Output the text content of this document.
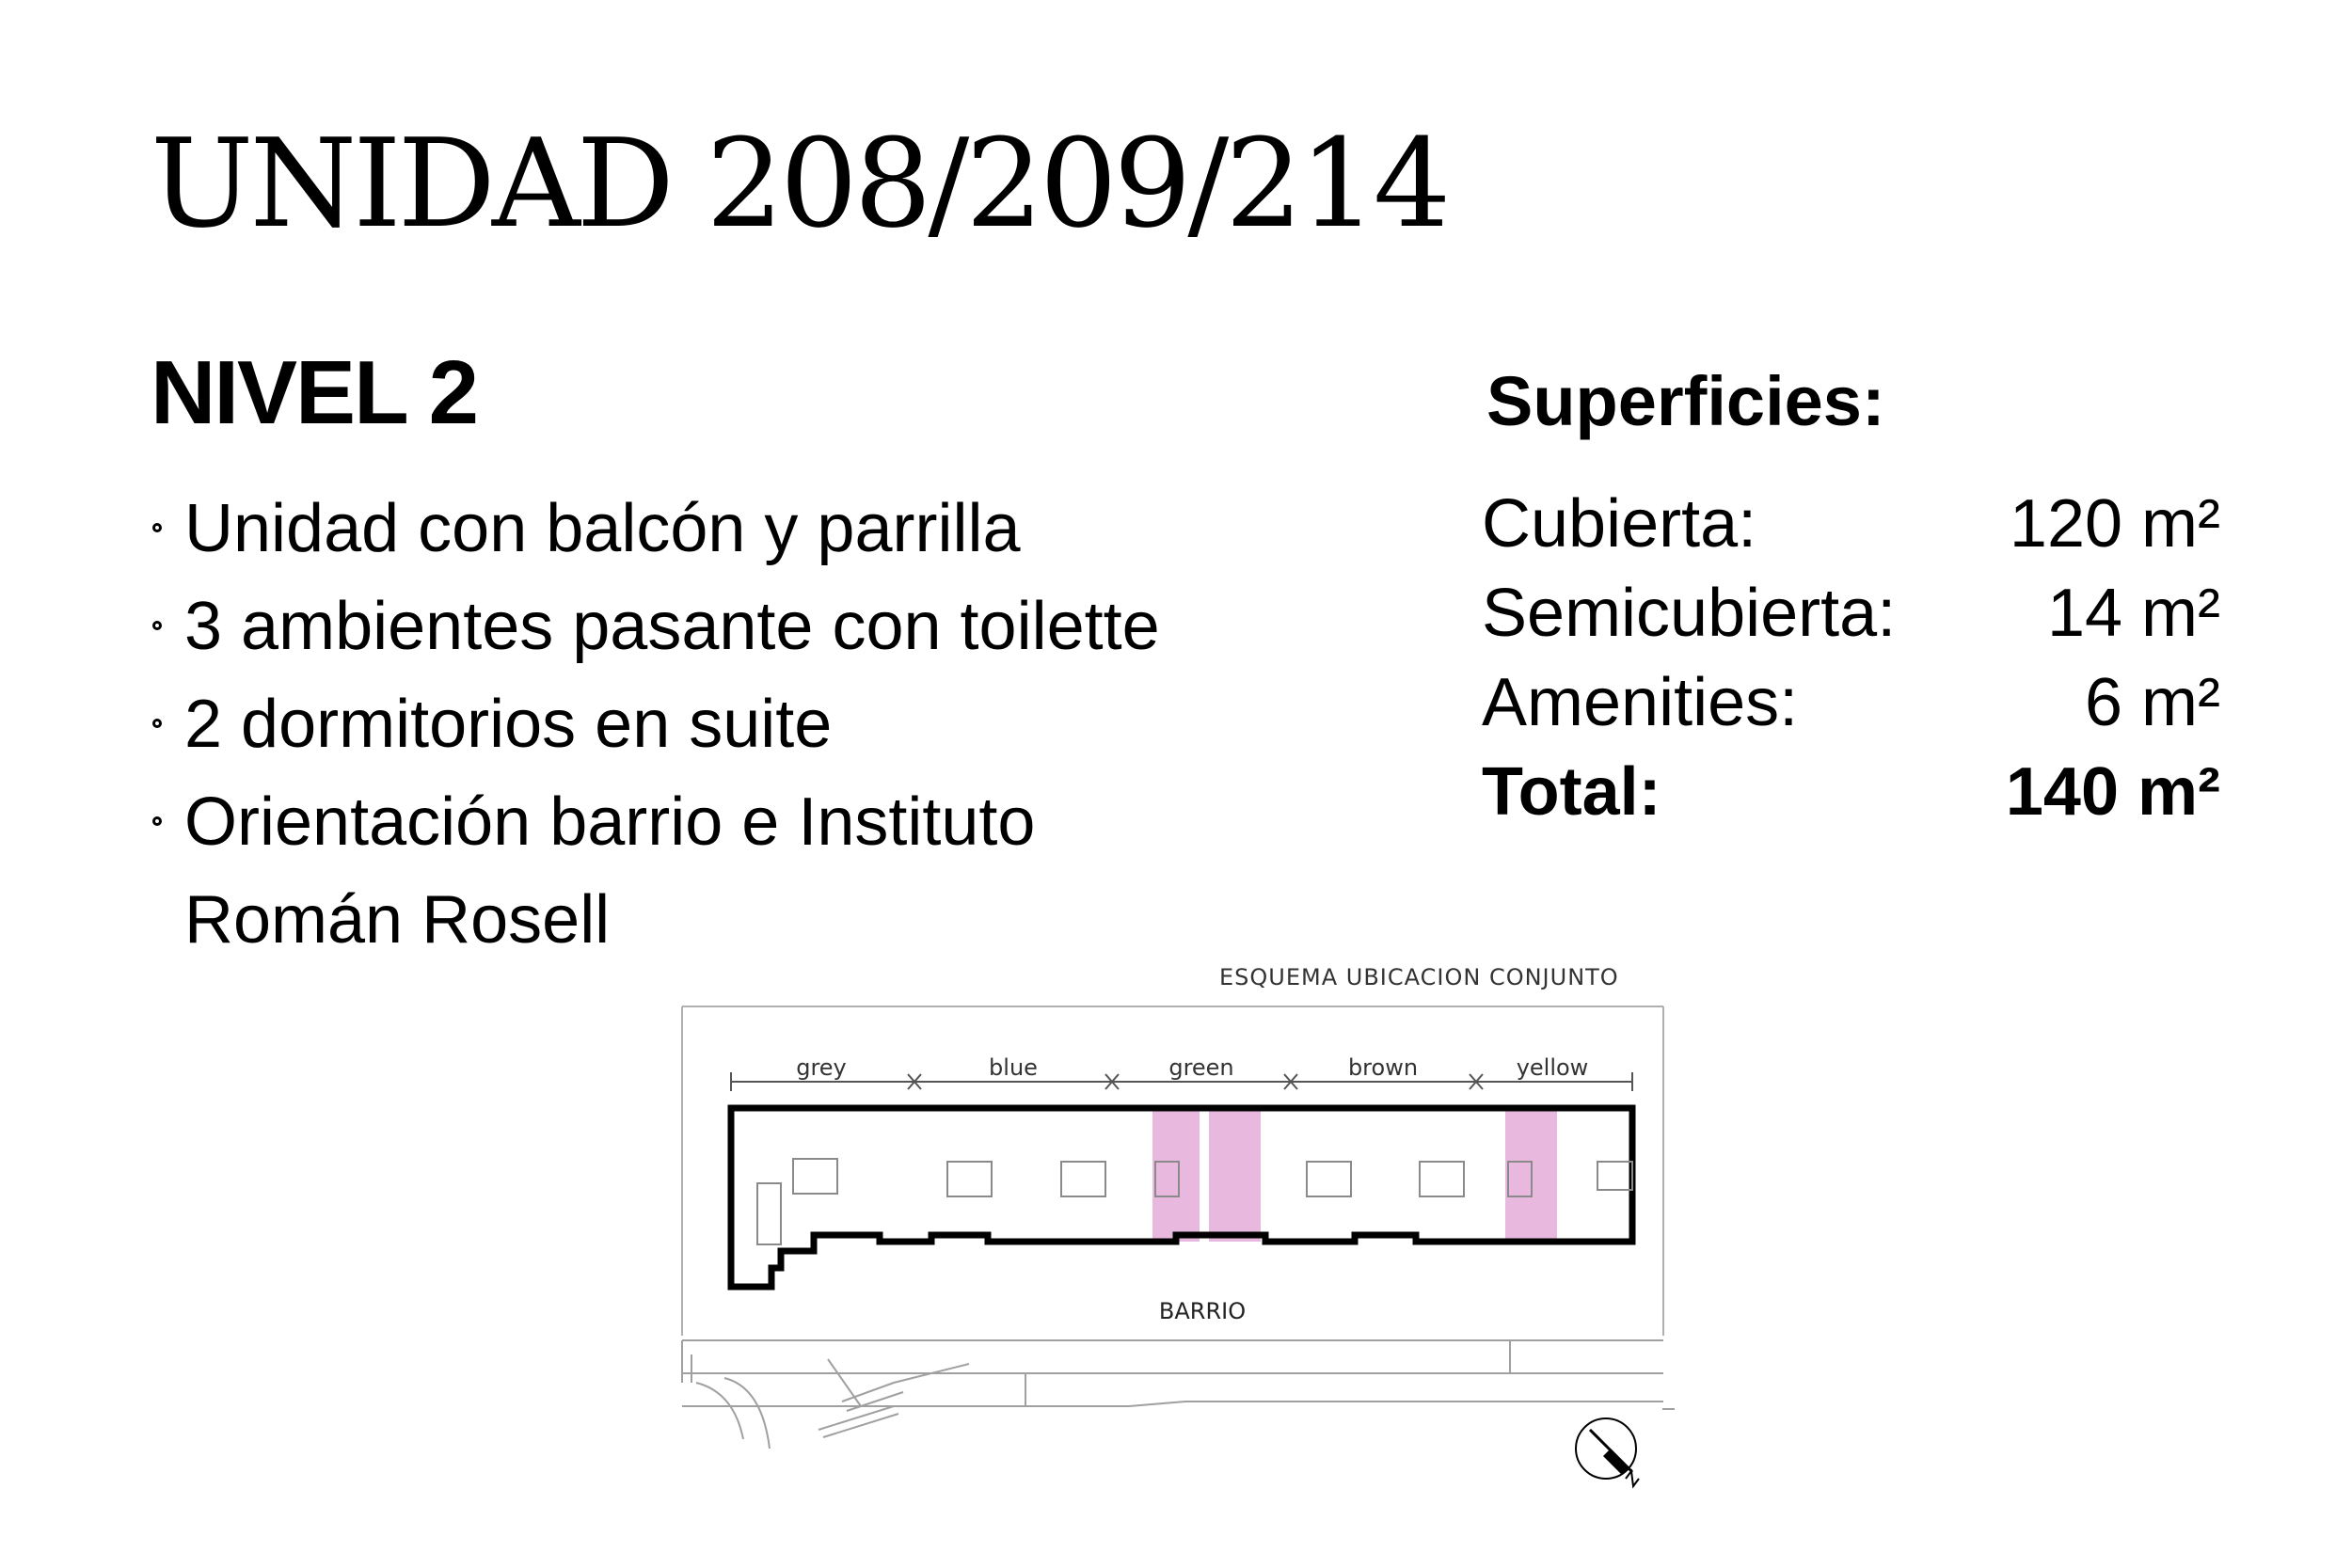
UNIDAD 208/209/214
NIVEL 2
Unidad con balcón y parrilla
3 ambientes pasante con toilette
2 dormitorios en suite
Orientación barrio e Instituto
Román Rosell
Superficies:
Cubierta:	120 m²
Semicubierta: 14 m²
Amenities:	6 m²
Total:	140 m²
ESQUEMA UBICACION CONJUNTO
grey	blue	green	brown	yellow
BARRIO
